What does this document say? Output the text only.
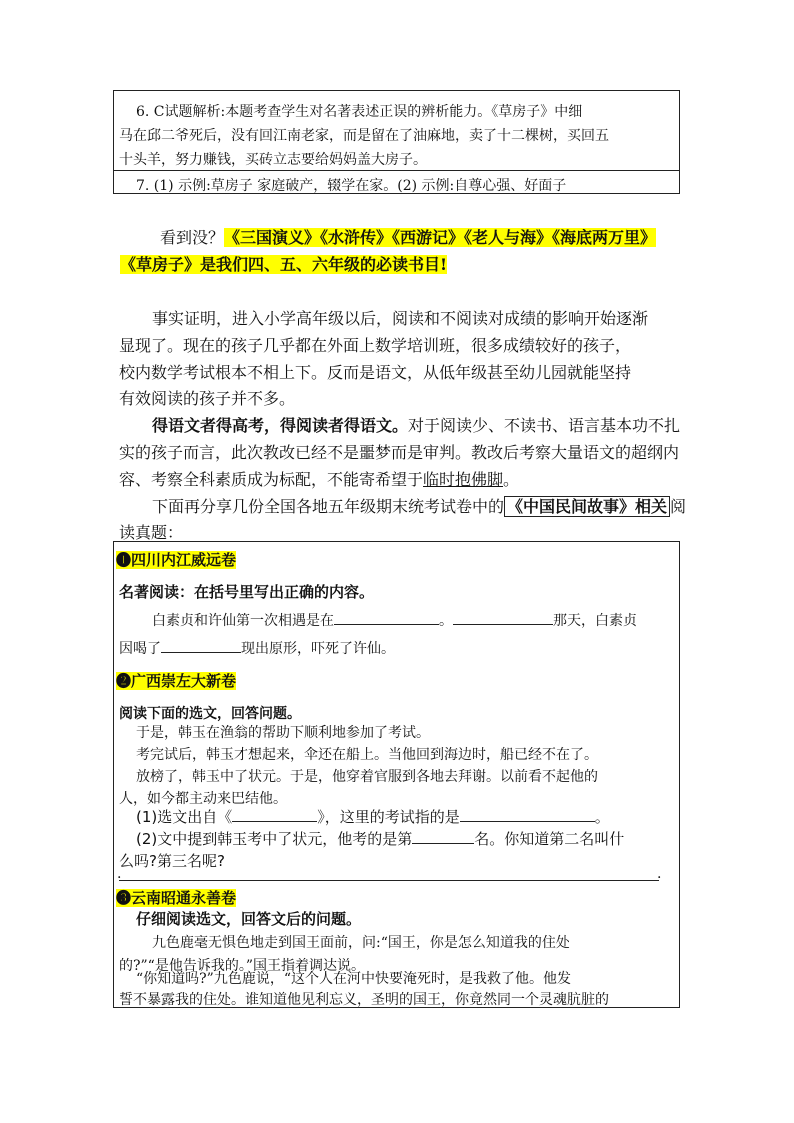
6. C试题解析:本题考查学生对名著表述正误的辨析能力。《草房子》中细
马在邱二爷死后，没有回江南老家，而是留在了油麻地，卖了十二棵树，买回五
十头羊，努力赚钱，买砖立志要给妈妈盖大房子。
7. (1) 示例:草房子 家庭破产，辍学在家。(2) 示例:自尊心强、好面子
看到没？《三国演义》《水浒传》《西游记》《老人与海》《海底两万里》
《草房子》是我们四、五、六年级的必读书目!
事实证明，进入小学高年级以后，阅读和不阅读对成绩的影响开始逐渐
显现了。现在的孩子几乎都在外面上数学培训班，很多成绩较好的孩子，
校内数学考试根本不相上下。反而是语文，从低年级甚至幼儿园就能坚持
有效阅读的孩子并不多。
得语文者得高考，得阅读者得语文。对于阅读少、不读书、语言基本功不扎
实的孩子而言，此次教改已经不是噩梦而是审判。教改后考察大量语文的超纲内
容、考察全科素质成为标配，不能寄希望于临时抱佛脚。
下面再分享几份全国各地五年级期末统考试卷中的 《中国民间故事》相关 阅
读真题：
❶四川内江威远卷
名著阅读：在括号里写出正确的内容。
白素贞和许仙第一次相遇是在	。	那天，白素贞
因喝了	现出原形，吓死了许仙。
❷广西崇左大新卷
阅读下面的选文，回答问题。
于是，韩玉在渔翁的帮助下顺利地参加了考试。
考完试后，韩玉才想起来，伞还在船上。当他回到海边时，船已经不在了。
放榜了，韩玉中了状元。于是，他穿着官服到各地去拜谢。以前看不起他的
人，如今都主动来巴结他。
(1)选文出自《	》，这里的考试指的是	。
(2)文中提到韩玉考中了状元，他考的是第	名。你知道第二名叫什
么吗?第三名呢?
.	.
❸云南昭通永善卷
仔细阅读选文，回答文后的问题。
九色鹿毫无惧色地走到国王面前，问:“国王，你是怎么知道我的住处
的?”“是他告诉我的。”国王指着调达说。
“你知道吗?”九色鹿说，“这个人在河中快要淹死时，是我救了他。他发
誓不暴露我的住处。谁知道他见利忘义，圣明的国王，你竟然同一个灵魂肮脏的
